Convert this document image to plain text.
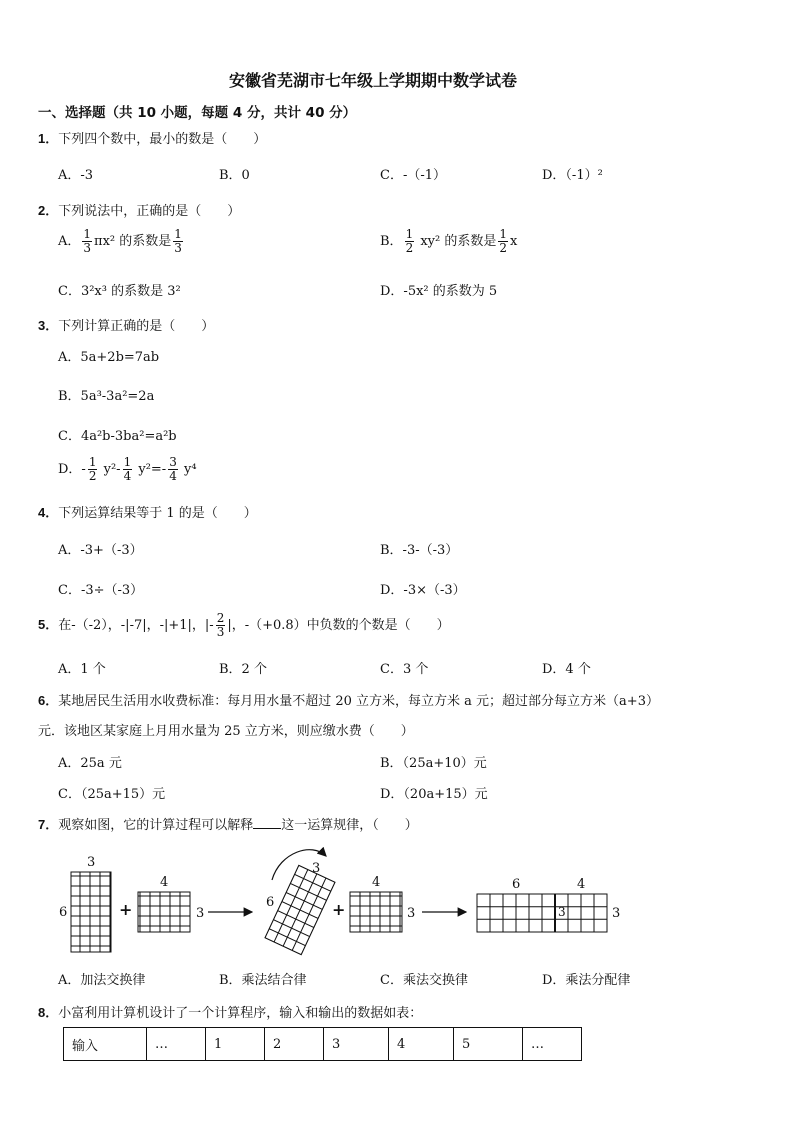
安徽省芜湖市七年级上学期期中数学试卷
一、选择题（共 10 小题，每题 4 分，共计 40 分）
1．下列四个数中，最小的数是（　　）
A．-3	B．0	C．-（-1）	D．（-1）²
2．下列说法中，正确的是（　　）
A． $\frac{1}{3} \pi x^2$ 的系数是 $\frac{1}{3}$	B． $\frac{1}{2} xy^2$ 的系数是 $\frac{1}{2}$ x
C．3²x³ 的系数是 3²	D．-5x² 的系数为 5
3．下列计算正确的是（　　）
A．5a+2b=7ab
B．5a³-3a²=2a
C．4a²b-3ba²=a²b
D．- $\frac{1}{2} y^2- \frac{1}{4} y^2=- \frac{3}{4} y^4$
4．下列运算结果等于 1 的是（　　）
A．-3+（-3）	B．-3-（-3）
C．-3÷（-3）	D．-3×（-3）
5．在-（-2），-|-7|，-|+1|，|- $\frac{2}{3}$ |，-（+0.8）中负数的个数是（　　）
A．1 个	B．2 个	C．3 个	D．4 个
6．某地居民生活用水收费标准：每月用水量不超过 20 立方米，每立方米 a 元；超过部分每立方米（a+3）
元．该地区某家庭上月用水量为 25 立方米，则应缴水费（　　）
A．25a 元	B．（25a+10）元
C．（25a+15）元	D．（20a+15）元
7．观察如图，它的计算过程可以解释 这一运算规律，（　　）
3
6	+
4
3
3
6	+
4
3
6	4
3	3
A．加法交换律	B．乘法结合律	C．乘法交换律	D．乘法分配律
8．小富利用计算机设计了一个计算程序，输入和输出的数据如表：
输入	…	1	2	3	4	5	…
